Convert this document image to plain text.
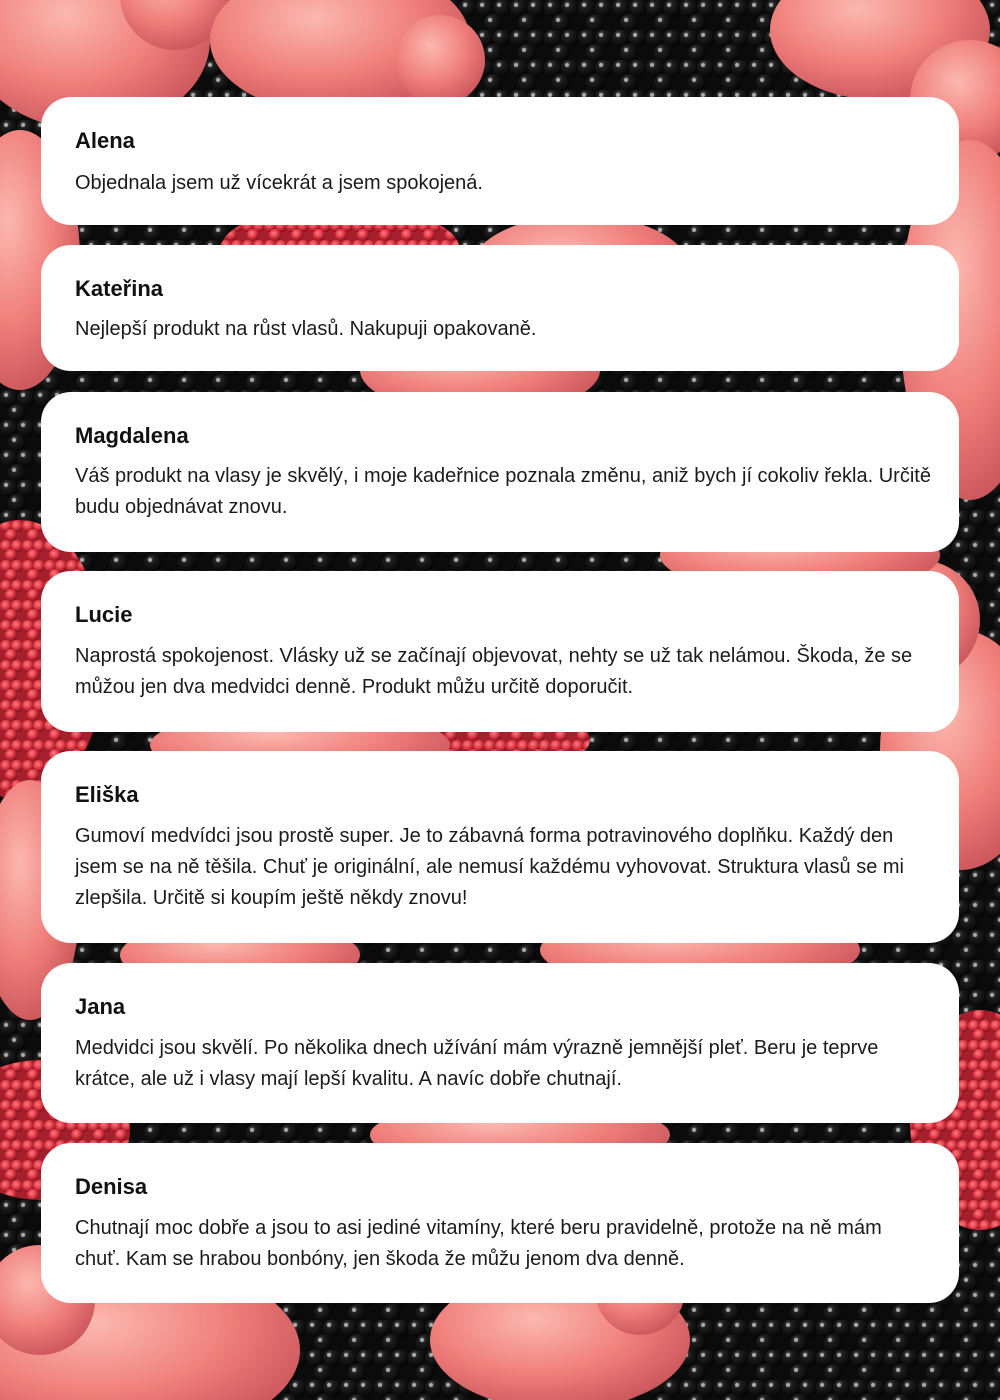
Alena
Objednala jsem už vícekrát a jsem spokojená.
Kateřina
Nejlepší produkt na růst vlasů. Nakupuji opakovaně.
Magdalena
Váš produkt na vlasy je skvělý, i moje kadeřnice poznala změnu, aniž bych jí cokoliv řekla. Určitě budu objednávat znovu.
Lucie
Naprostá spokojenost. Vlásky už se začínají objevovat, nehty se už tak nelámou. Škoda, že se můžou jen dva medvidci denně. Produkt můžu určitě doporučit.
Eliška
Gumoví medvídci jsou prostě super. Je to zábavná forma potravinového doplňku. Každý den jsem se na ně těšila. Chuť je originální, ale nemusí každému vyhovovat. Struktura vlasů se mi zlepšila. Určitě si koupím ještě někdy znovu!
Jana
Medvidci jsou skvělí. Po několika dnech užívání mám výrazně jemnější pleť. Beru je teprve krátce, ale už i vlasy mají lepší kvalitu. A navíc dobře chutnají.
Denisa
Chutnají moc dobře a jsou to asi jediné vitamíny, které beru pravidelně, protože na ně mám chuť. Kam se hrabou bonbóny, jen škoda že můžu jenom dva denně.
